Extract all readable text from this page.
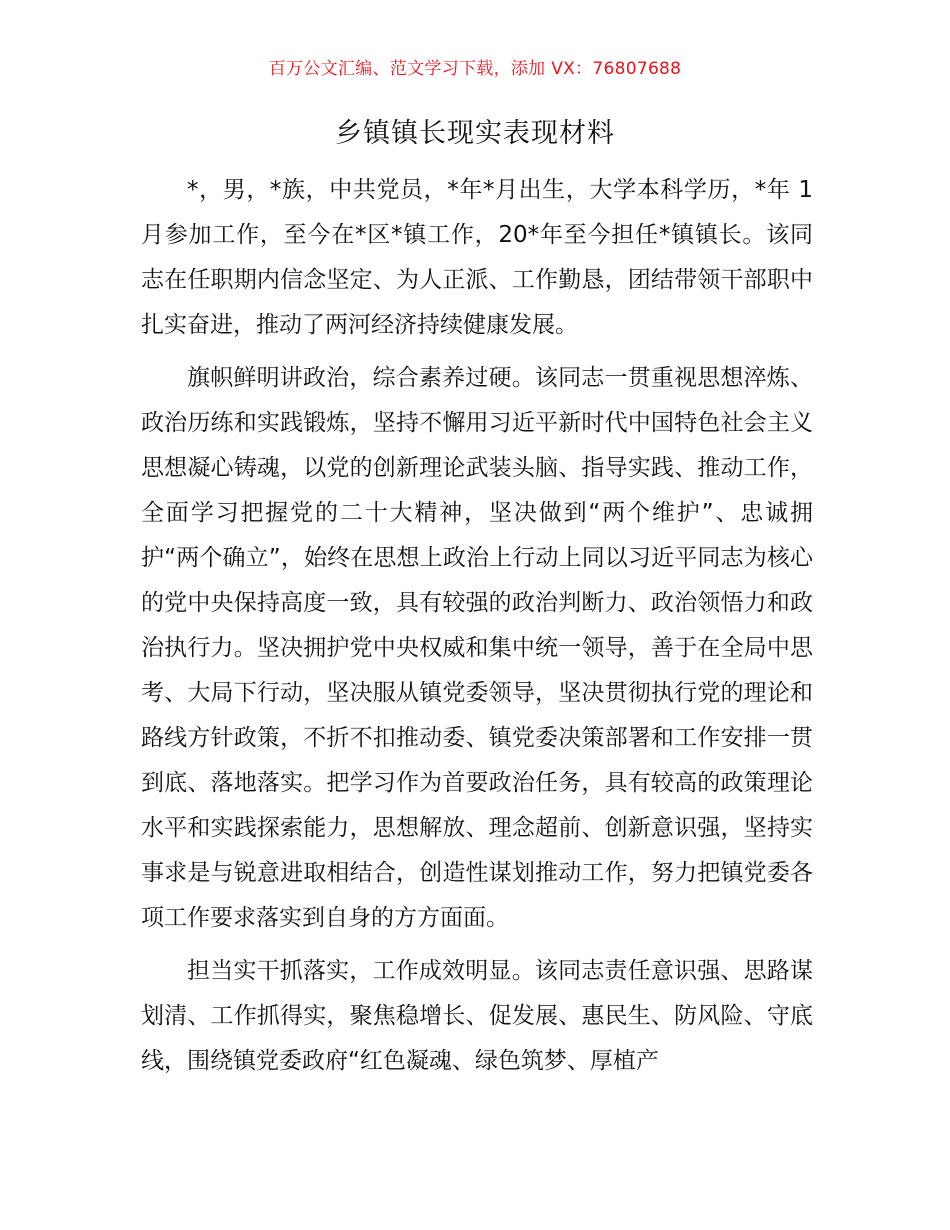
百万公文汇编、范文学习下载，添加 VX：76807688
乡镇镇长现实表现材料

*，男，*族，中共党员，*年*月出生，大学本科学历，*年 1 月参加工作，至今在*区*镇工作，20*年至今担任*镇镇长。该同志在任职期内信念坚定、为人正派、工作勤恳，团结带领干部职中扎实奋进，推动了两河经济持续健康发展。

旗帜鲜明讲政治，综合素养过硬。该同志一贯重视思想淬炼、政治历练和实践锻炼，坚持不懈用习近平新时代中国特色社会主义思想凝心铸魂，以党的创新理论武装头脑、指导实践、推动工作，全面学习把握党的二十大精神，坚决做到“两个维护”、忠诚拥护“两个确立”，始终在思想上政治上行动上同以习近平同志为核心的党中央保持高度一致，具有较强的政治判断力、政治领悟力和政治执行力。坚决拥护党中央权威和集中统一领导，善于在全局中思考、大局下行动，坚决服从镇党委领导，坚决贯彻执行党的理论和路线方针政策，不折不扣推动委、镇党委决策部署和工作安排一贯到底、落地落实。把学习作为首要政治任务，具有较高的政策理论水平和实践探索能力，思想解放、理念超前、创新意识强，坚持实事求是与锐意进取相结合，创造性谋划推动工作，努力把镇党委各项工作要求落实到自身的方方面面。

担当实干抓落实，工作成效明显。该同志责任意识强、思路谋划清、工作抓得实，聚焦稳增长、促发展、惠民生、防风险、守底线，围绕镇党委政府“红色凝魂、绿色筑梦、厚植产
